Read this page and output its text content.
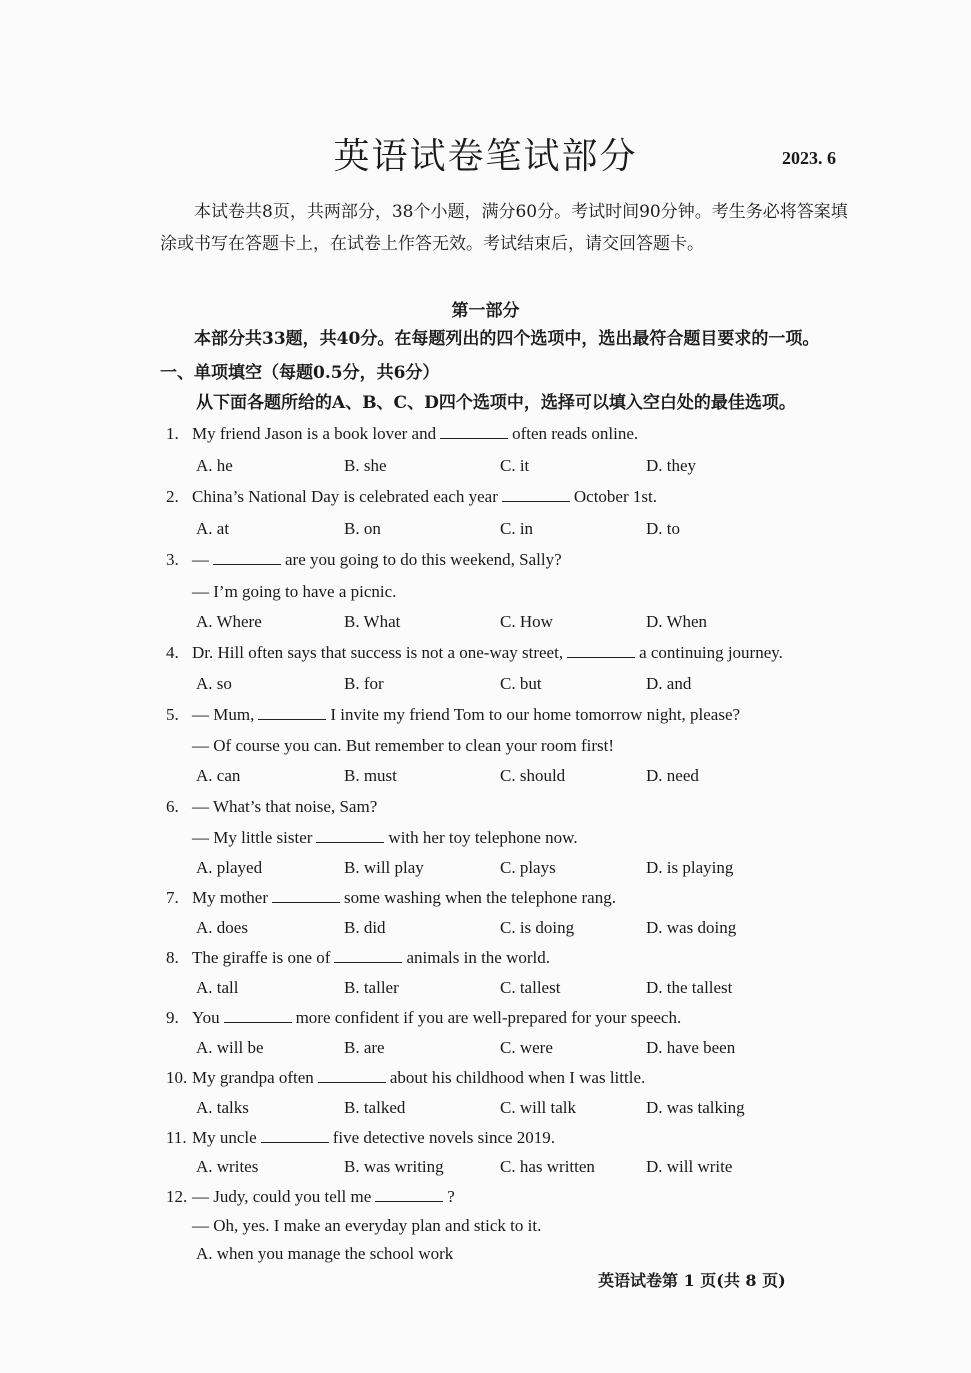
英语试卷笔试部分	2023. 6
本试卷共8页，共两部分，38个小题，满分60分。考试时间90分钟。考生务必将答案填涂或书写在答题卡上，在试卷上作答无效。考试结束后，请交回答题卡。
第一部分
本部分共33题，共40分。在每题列出的四个选项中，选出最符合题目要求的一项。
一、单项填空（每题0.5分，共6分）
从下面各题所给的A、B、C、D四个选项中，选择可以填入空白处的最佳选项。
1. My friend Jason is a book lover and	often reads online.
A. he	B. she	C. it	D. they
2. China’s National Day is celebrated each year	October 1st.
A. at	B. on	C. in	D. to
3. —	are you going to do this weekend, Sally?
— I’m going to have a picnic.
A. Where	B. What	C. How	D. When
4. Dr. Hill often says that success is not a one-way street,	a continuing journey.
A. so	B. for	C. but	D. and
5. — Mum,	I invite my friend Tom to our home tomorrow night, please?
— Of course you can. But remember to clean your room first!
A. can	B. must	C. should	D. need
6. — What’s that noise, Sam?
— My little sister	with her toy telephone now.
A. played	B. will play	C. plays	D. is playing
7. My mother	some washing when the telephone rang.
A. does	B. did	C. is doing	D. was doing
8. The giraffe is one of	animals in the world.
A. tall	B. taller	C. tallest	D. the tallest
9. You	more confident if you are well-prepared for your speech.
A. will be	B. are	C. were	D. have been
10. My grandpa often	about his childhood when I was little.
A. talks	B. talked	C. will talk	D. was talking
11. My uncle	five detective novels since 2019.
A. writes	B. was writing	C. has written	D. will write
12. — Judy, could you tell me	?
— Oh, yes. I make an everyday plan and stick to it.
A. when you manage the school work
英语试卷第 1 页(共 8 页)
